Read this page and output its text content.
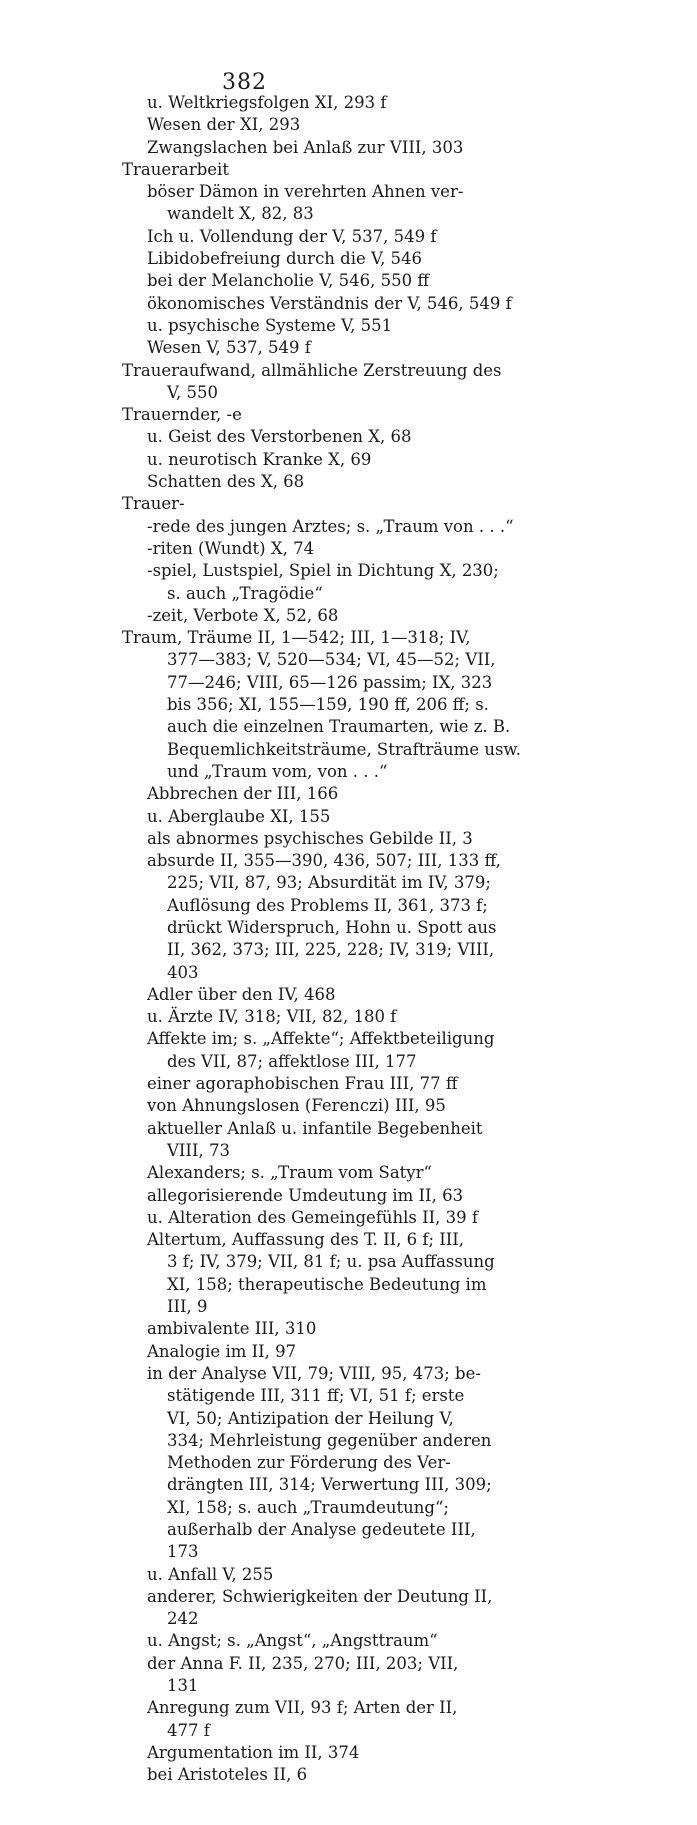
382
u. Weltkriegsfolgen XI, 293 f
Wesen der XI, 293
Zwangslachen bei Anlaß zur VIII, 303
Trauerarbeit
böser Dämon in verehrten Ahnen ver-
wandelt X, 82, 83
Ich u. Vollendung der V, 537, 549 f
Libidobefreiung durch die V, 546
bei der Melancholie V, 546, 550 ff
ökonomisches Verständnis der V, 546, 549 f
u. psychische Systeme V, 551
Wesen V, 537, 549 f
Traueraufwand, allmähliche Zerstreuung des
V, 550
Trauernder, -e
u. Geist des Verstorbenen X, 68
u. neurotisch Kranke X, 69
Schatten des X, 68
Trauer-
-rede des jungen Arztes; s. „Traum von . . .“
-riten (Wundt) X, 74
-spiel, Lustspiel, Spiel in Dichtung X, 230;
s. auch „Tragödie“
-zeit, Verbote X, 52, 68
Traum, Träume II, 1—542; III, 1—318; IV,
377—383; V, 520—534; VI, 45—52; VII,
77—246; VIII, 65—126 passim; IX, 323
bis 356; XI, 155—159, 190 ff, 206 ff; s.
auch die einzelnen Traumarten, wie z. B.
Bequemlichkeitsträume, Strafträume usw.
und „Traum vom, von . . .“
Abbrechen der III, 166
u. Aberglaube XI, 155
als abnormes psychisches Gebilde II, 3
absurde II, 355—390, 436, 507; III, 133 ff,
225; VII, 87, 93; Absurdität im IV, 379;
Auflösung des Problems II, 361, 373 f;
drückt Widerspruch, Hohn u. Spott aus
II, 362, 373; III, 225, 228; IV, 319; VIII,
403
Adler über den IV, 468
u. Ärzte IV, 318; VII, 82, 180 f
Affekte im; s. „Affekte“; Affektbeteiligung
des VII, 87; affektlose III, 177
einer agoraphobischen Frau III, 77 ff
von Ahnungslosen (Ferenczi) III, 95
aktueller Anlaß u. infantile Begebenheit
VIII, 73
Alexanders; s. „Traum vom Satyr“
allegorisierende Umdeutung im II, 63
u. Alteration des Gemeingefühls II, 39 f
Altertum, Auffassung des T. II, 6 f; III,
3 f; IV, 379; VII, 81 f; u. psa Auffassung
XI, 158; therapeutische Bedeutung im
III, 9
ambivalente III, 310
Analogie im II, 97
in der Analyse VII, 79; VIII, 95, 473; be-
stätigende III, 311 ff; VI, 51 f; erste
VI, 50; Antizipation der Heilung V,
334; Mehrleistung gegenüber anderen
Methoden zur Förderung des Ver-
drängten III, 314; Verwertung III, 309;
XI, 158; s. auch „Traumdeutung“;
außerhalb der Analyse gedeutete III,
173
u. Anfall V, 255
anderer, Schwierigkeiten der Deutung II,
242
u. Angst; s. „Angst“, „Angsttraum“
der Anna F. II, 235, 270; III, 203; VII,
131
Anregung zum VII, 93 f; Arten der II,
477 f
Argumentation im II, 374
bei Aristoteles II, 6
